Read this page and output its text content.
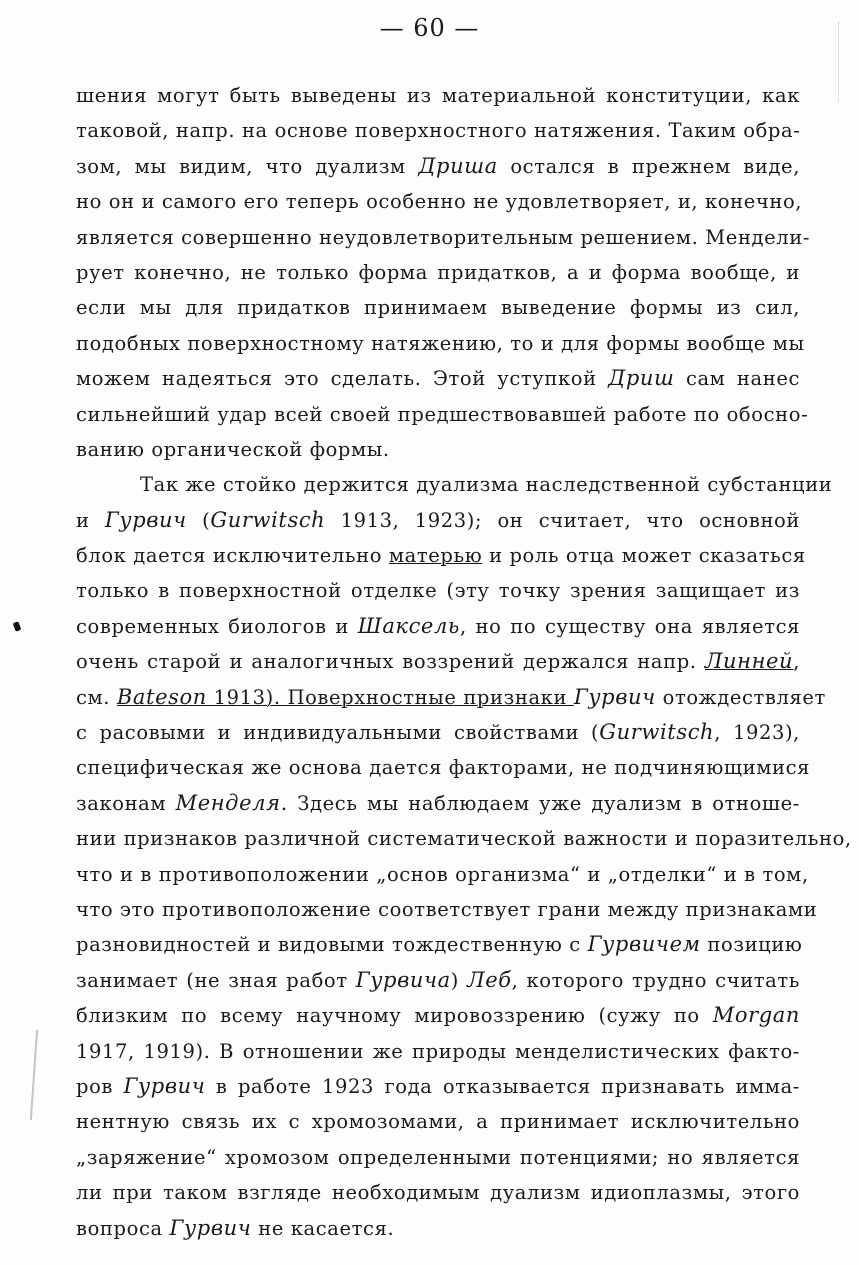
— 60 —
шения могут быть выведены из материальной конституции, как
таковой, напр. на основе поверхностного натяжения. Таким обра-
зом, мы видим, что дуализм Дриша остался в прежнем виде,
но он и самого его теперь особенно не удовлетворяет, и, конечно,
является совершенно неудовлетворительным решением. Мендели-
рует конечно, не только форма придатков, а и форма вообще, и
если мы для придатков принимаем выведение формы из сил,
подобных поверхностному натяжению, то и для формы вообще мы
можем надеяться это сделать. Этой уступкой Дриш сам нанес
сильнейший удар всей своей предшествовавшей работе по обосно-
ванию органической формы.
Так же стойко держится дуализма наследственной субстанции
и Гурвич (Gurwitsch 1913, 1923); он считает, что основной
блок дается исключительно матерью и роль отца может сказаться
только в поверхностной отделке (эту точку зрения защищает из
современных биологов и Шаксель, но по существу она является
очень старой и аналогичных воззрений держался напр. Линней,
см. Bateson 1913). Поверхностные признаки Гурвич отождествляет
с расовыми и индивидуальными свойствами (Gurwitsch, 1923),
специфическая же основа дается факторами, не подчиняющимися
законам Менделя. Здесь мы наблюдаем уже дуализм в отноше-
нии признаков различной систематической важности и поразительно,
что и в противоположении „основ организма“ и „отделки“ и в том,
что это противоположение соответствует грани между признаками
разновидностей и видовыми тождественную с Гурвичем позицию
занимает (не зная работ Гурвича) Леб, которого трудно считать
близким по всему научному мировоззрению (сужу по Morgan
1917, 1919). В отношении же природы менделистических факто-
ров Гурвич в работе 1923 года отказывается признавать имма-
нентную связь их с хромозомами, а принимает исключительно
„заряжение“ хромозом определенными потенциями; но является
ли при таком взгляде необходимым дуализм идиоплазмы, этого
вопроса Гурвич не касается.
